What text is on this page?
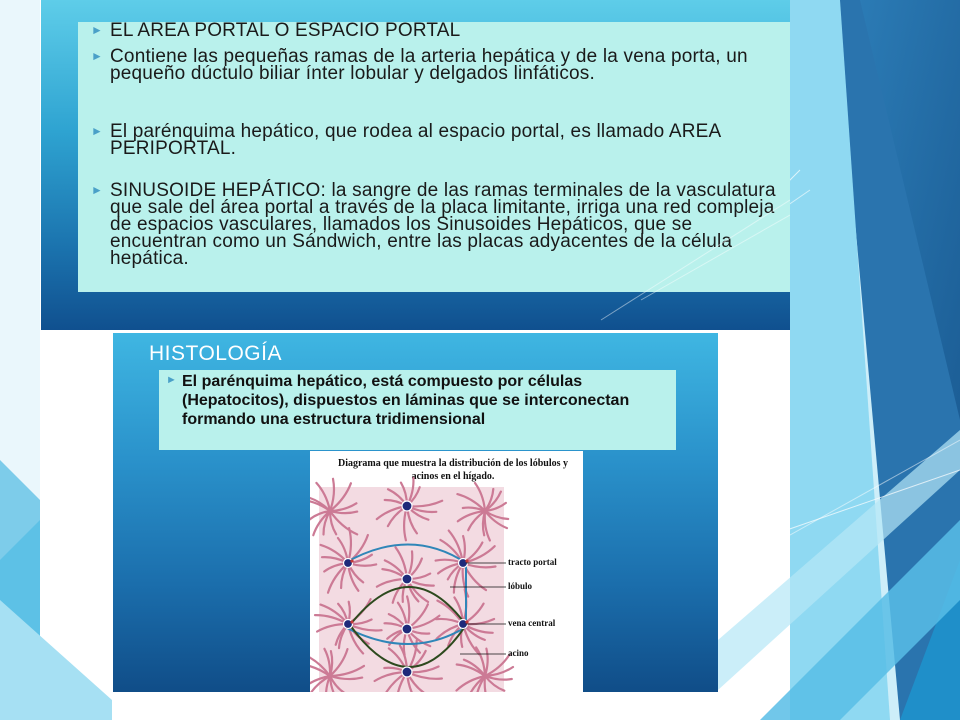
► EL AREA PORTAL O ESPACIO PORTAL
► Contiene las pequeñas ramas de la arteria hepática y de la vena porta, un pequeño dúctulo biliar ínter lobular y delgados linfáticos.
► El parénquima hepático, que rodea al espacio portal, es llamado AREA PERIPORTAL.
► SINUSOIDE HEPÁTICO: la sangre de las ramas terminales de la vasculatura que sale del área portal a través de la placa limitante, irriga una red compleja de espacios vasculares, llamados los Sinusoides Hepáticos, que se encuentran como un Sándwich, entre las placas adyacentes de la célula hepática.
HISTOLOGÍA
► El parénquima hepático, está compuesto por células (Hepatocitos), dispuestos en láminas que se interconectan formando una estructura tridimensional
Diagrama que muestra la distribución de los lóbulos y acinos en el hígado.
tracto portal
lóbulo
vena central
acino
